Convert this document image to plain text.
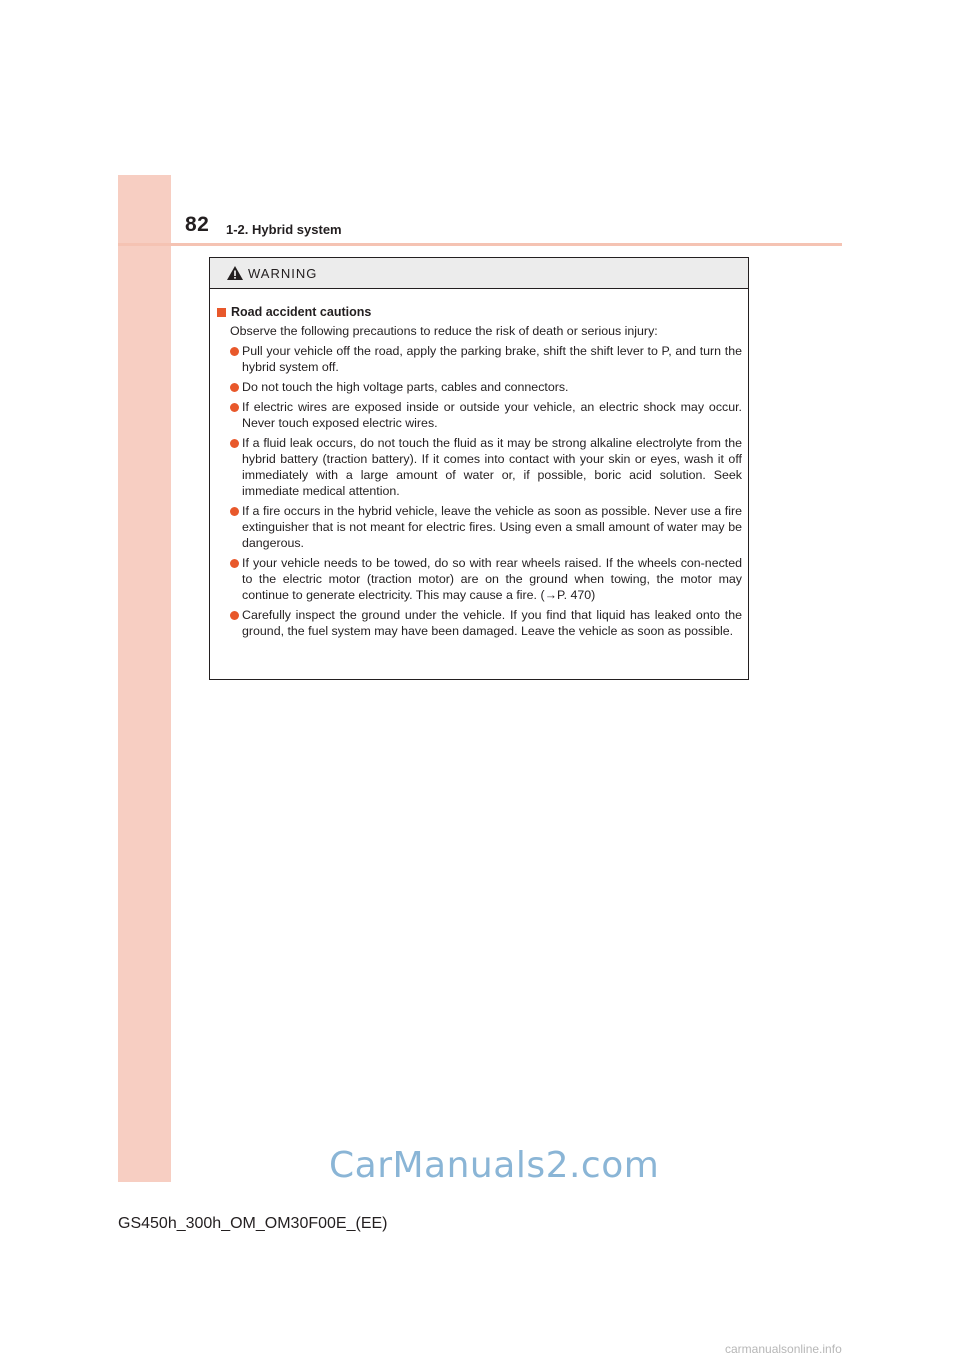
82 1-2. Hybrid system
WARNING
Road accident cautions
Observe the following precautions to reduce the risk of death or serious injury:
Pull your vehicle off the road, apply the parking brake, shift the shift lever to P, and turn the hybrid system off.
Do not touch the high voltage parts, cables and connectors.
If electric wires are exposed inside or outside your vehicle, an electric shock may occur. Never touch exposed electric wires.
If a fluid leak occurs, do not touch the fluid as it may be strong alkaline electrolyte from the hybrid battery (traction battery). If it comes into contact with your skin or eyes, wash it off immediately with a large amount of water or, if possible, boric acid solution. Seek immediate medical attention.
If a fire occurs in the hybrid vehicle, leave the vehicle as soon as possible. Never use a fire extinguisher that is not meant for electric fires. Using even a small amount of water may be dangerous.
If your vehicle needs to be towed, do so with rear wheels raised. If the wheels con-nected to the electric motor (traction motor) are on the ground when towing, the motor may continue to generate electricity. This may cause a fire. (→P. 470)
Carefully inspect the ground under the vehicle. If you find that liquid has leaked onto the ground, the fuel system may have been damaged. Leave the vehicle as soon as possible.
CarManuals2.com
GS450h_300h_OM_OM30F00E_(EE)
carmanualsonline.info
